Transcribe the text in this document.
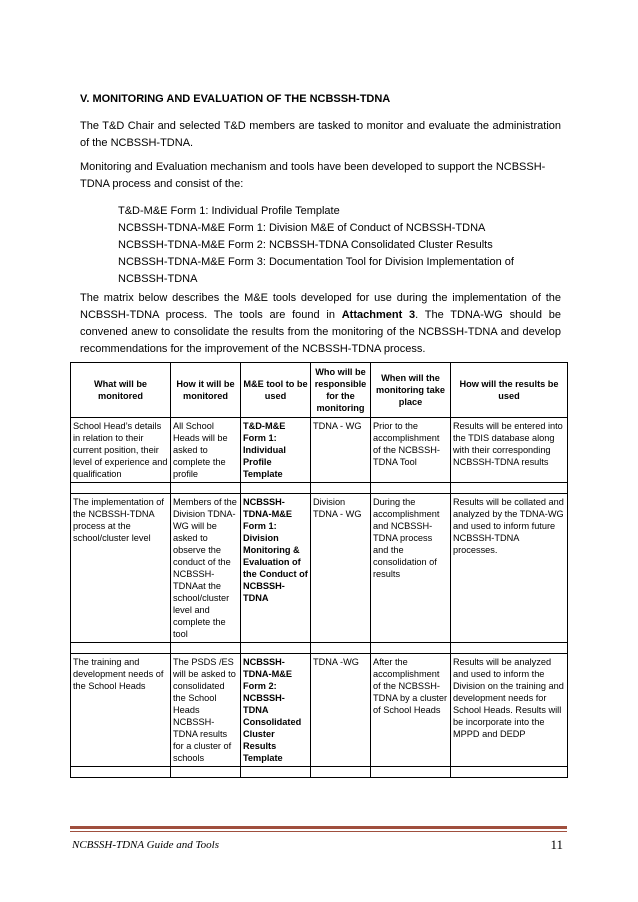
V. MONITORING AND EVALUATION OF THE NCBSSH-TDNA
The T&D Chair and selected T&D members are tasked to monitor and evaluate the administration of the NCBSSH-TDNA.
Monitoring and Evaluation mechanism and tools have been developed to support the NCBSSH-TDNA process and consist of the:
T&D-M&E Form 1: Individual Profile Template
NCBSSH-TDNA-M&E Form 1: Division M&E of Conduct of NCBSSH-TDNA
NCBSSH-TDNA-M&E Form 2: NCBSSH-TDNA Consolidated Cluster Results
NCBSSH-TDNA-M&E Form 3: Documentation Tool for Division Implementation of NCBSSH-TDNA
The matrix below describes the M&E tools developed for use during the implementation of the NCBSSH-TDNA process. The tools are found in Attachment 3. The TDNA-WG should be convened anew to consolidate the results from the monitoring of the NCBSSH-TDNA and develop recommendations for the improvement of the NCBSSH-TDNA process.
What will be monitored	How it will be monitored	M&E tool to be used	Who will be responsible for the monitoring	When will the monitoring take place	How will the results be used
School Head’s details in relation to their current position, their level of experience and qualification	All School Heads will be asked to complete the profile	T&D-M&E Form 1: Individual Profile Template	TDNA - WG	Prior to the accomplishment of the NCBSSH-TDNA Tool	Results will be entered into the TDIS database along with their corresponding NCBSSH-TDNA results

The implementation of the NCBSSH-TDNA process at the school/cluster level	Members of the Division TDNA- WG will be asked to observe the conduct of the NCBSSH-TDNAat the school/cluster level and complete the tool	NCBSSH-TDNA-M&E Form 1: Division Monitoring & Evaluation of the Conduct of NCBSSH-TDNA	Division TDNA - WG	During the accomplishment and NCBSSH-TDNA process and the consolidation of results	Results will be collated and analyzed by the TDNA-WG and used to inform future NCBSSH-TDNA processes.

The training and development needs of the School Heads	The PSDS /ES will be asked to consolidated the School Heads NCBSSH-TDNA results for a cluster of schools	NCBSSH-TDNA-M&E Form 2: NCBSSH-TDNA Consolidated Cluster Results Template	TDNA -WG	After the accomplishment of the NCBSSH-TDNA by a cluster of School Heads	Results will be analyzed and used to inform the Division on the training and development needs for School Heads. Results will be incorporate into the MPPD and DEDP

NCBSSH-TDNA Guide and Tools	11
